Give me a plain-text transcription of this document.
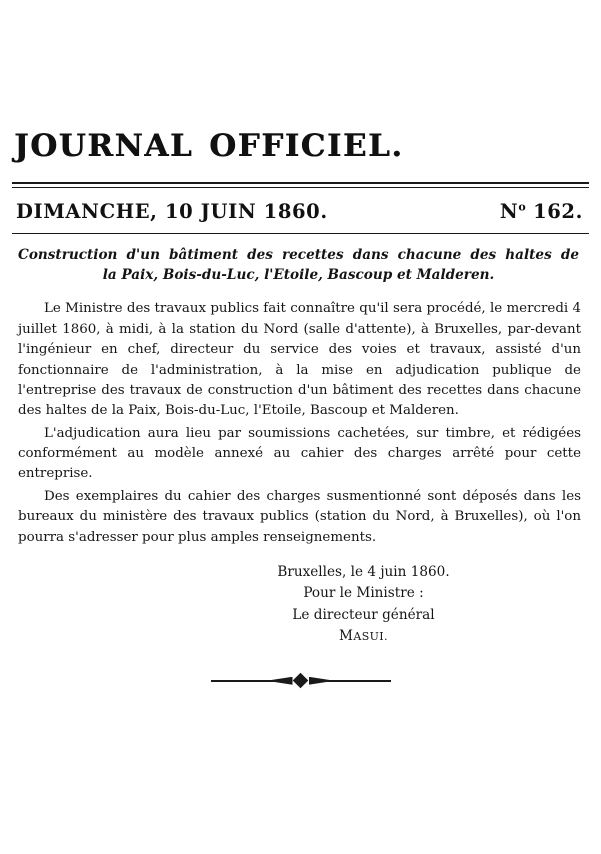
JOURNAL OFFICIEL.
DIMANCHE, 10 JUIN 1860.	$N^o$ 162.
Construction d'un bâtiment des recettes dans chacune des haltes de
la Paix, Bois-du-Luc, l'Etoile, Bascoup et Malderen.

Le Ministre des travaux publics fait connaître qu'il sera procédé, le mercredi 4 juillet 1860, à midi, à la station du Nord (salle d'attente), à Bruxelles, par-devant l'ingénieur en chef, directeur du service des voies et travaux, assisté d'un fonctionnaire de l'administration, à la mise en adjudication publique de l'entreprise des travaux de construction d'un bâtiment des recettes dans chacune des haltes de la Paix, Bois-du-Luc, l'Etoile, Bascoup et Malderen.

L'adjudication aura lieu par soumissions cachetées, sur timbre, et rédigées conformément au modèle annexé au cahier des charges arrêté pour cette entreprise.

Des exemplaires du cahier des charges susmentionné sont déposés dans les bureaux du ministère des travaux publics (station du Nord, à Bruxelles), où l'on pourra s'adresser pour plus amples renseignements.

Bruxelles, le 4 juin 1860.
Pour le Ministre :
Le directeur général
MASUI.
